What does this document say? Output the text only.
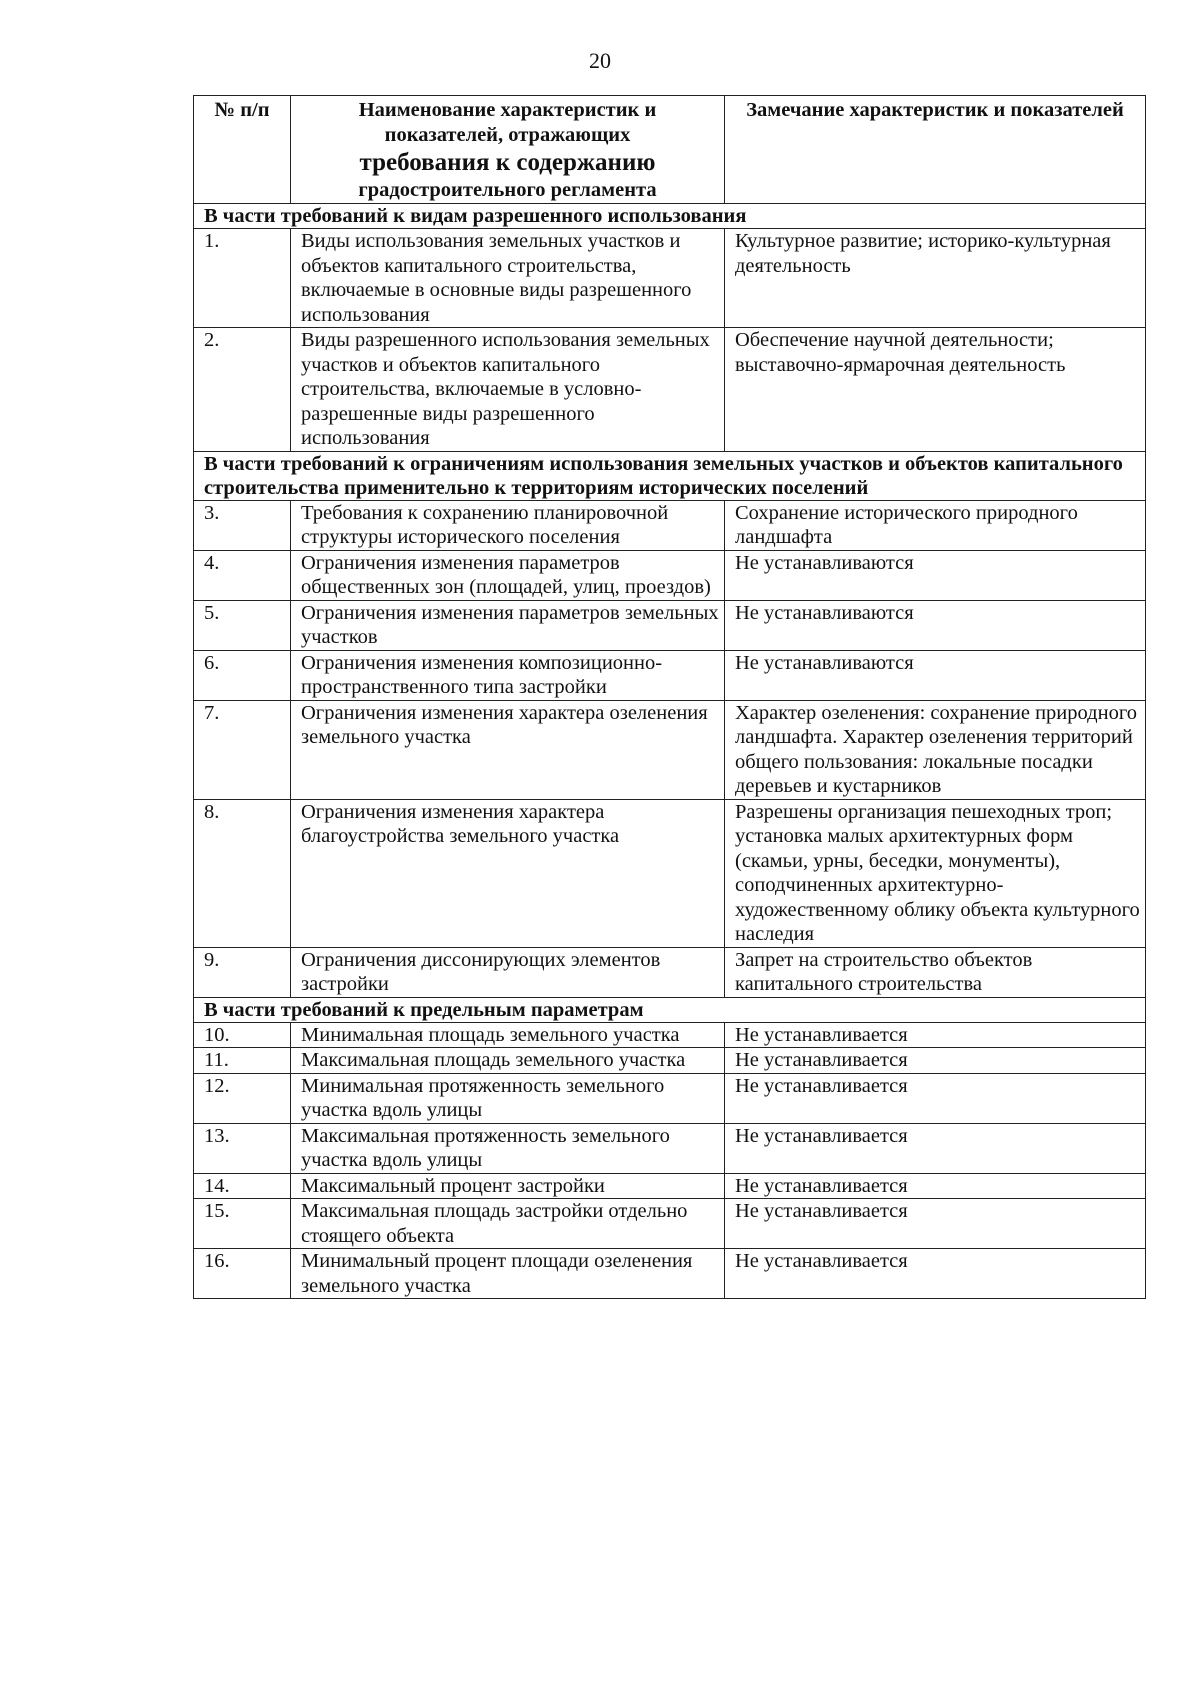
20
№ п/п	Наименование характеристик и показателей, отражающих
требования к содержанию
градостроительного регламента	Замечание характеристик и показателей
В части требований к видам разрешенного использования		
1.	Виды использования земельных участков и объектов капитального строительства, включаемые в основные виды разрешенного использования	Культурное развитие; историко-культурная деятельность
2.	Виды разрешенного использования земельных участков и объектов капитального строительства, включаемые в условно-разрешенные виды разрешенного использования	Обеспечение научной деятельности; выставочно-ярмарочная деятельность
В части требований к ограничениям использования земельных участков и объектов капитального строительства применительно к территориям исторических поселений		
3.	Требования к сохранению планировочной структуры исторического поселения	Сохранение исторического природного ландшафта
4.	Ограничения изменения параметров общественных зон (площадей, улиц, проездов)	Не устанавливаются
5.	Ограничения изменения параметров земельных участков	Не устанавливаются
6.	Ограничения изменения композиционно-пространственного типа застройки	Не устанавливаются
7.	Ограничения изменения характера озеленения земельного участка	Характер озеленения: сохранение природного ландшафта. Характер озеленения территорий общего пользования: локальные посадки деревьев и кустарников
8.	Ограничения изменения характера благоустройства земельного участка	Разрешены организация пешеходных троп; установка малых архитектурных форм (скамьи, урны, беседки, монументы), соподчиненных архитектурно-художественному облику объекта культурного наследия
9.	Ограничения диссонирующих элементов застройки	Запрет на строительство объектов капитального строительства
В части требований к предельным параметрам		
10.	Минимальная площадь земельного участка	Не устанавливается
11.	Максимальная площадь земельного участка	Не устанавливается
12.	Минимальная протяженность земельного участка вдоль улицы	Не устанавливается
13.	Максимальная протяженность земельного участка вдоль улицы	Не устанавливается
14.	Максимальный процент застройки	Не устанавливается
15.	Максимальная площадь застройки отдельно стоящего объекта	Не устанавливается
16.	Минимальный процент площади озеленения земельного участка	Не устанавливается
